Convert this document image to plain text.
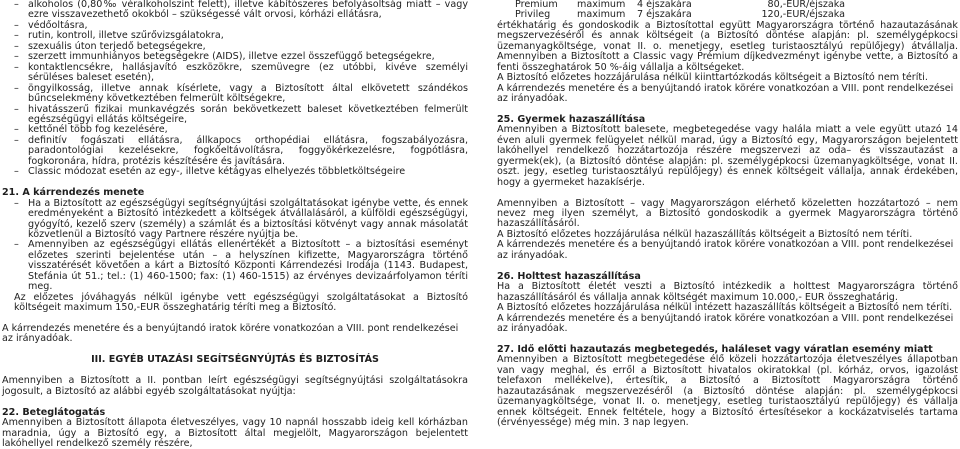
– alkoholos (0,80‰ véralkoholszint felett), illetve kábítószeres befolyásoltság miatt – vagy ezre visszavezethető okokból – szükségessé vált orvosi, kórházi ellátásra,

– védőoltásra,

– rutin, kontroll, illetve szűrővizsgálatokra,

– szexuális úton terjedő betegségekre,

– szerzett immunhiányos betegségekre (AIDS), illetve ezzel összefüggő betegségekre,

– kontaktlencsékre, hallásjavító eszközökre, szemüvegre (ez utóbbi, kivéve személyi sérüléses baleset esetén),

– öngyilkosság, illetve annak kísérlete, vagy a Biztosított által elkövetett szándékos bűncselekmény következtében felmerült költségekre,

– hivatásszerű fizikai munkavégzés során bekövetkezett baleset következtében felmerült egészségügyi ellátás költségeire,

– kettőnél több fog kezelésére,

– definitív fogászati ellátásra, állkapocs orthopédiai ellátásra, fogszabályozásra, paradontológiai kezelésekre, fogkőeltávolításra, foggyökérkezelésre, fogpótlásra, fogkoronára, hídra, protézis készítésére és javítására.

– Classic módozat esetén az egy-, illetve kétágyas elhelyezés többletköltségeire

21. A kárrendezés menete

– Ha a Biztosított az egészségügyi segítségnyújtási szolgáltatásokat igénybe vette, és ennek eredményeként a Biztosító intézkedett a költségek átvállalásáról, a külföldi egészségügyi, gyógyító, kezelő szerv (személy) a számlát és a biztosítási kötvényt vagy annak másolatát közvetlenül a Biztosító vagy Partnere részére nyújtja be.

– Amennyiben az egészségügyi ellátás ellenértékét a Biztosított – a biztosítási eseményt előzetes szerinti bejelentése után – a helyszínen kifizette, Magyarországra történő visszatérését követően a kárt a Biztosító Központi Kárrendezési Irodája (1143. Budapest, Stefánia út 51.; tel.: (1) 460-1500; fax: (1) 460-1515) az érvényes devizaárfolyamon téríti meg.

Az előzetes jóváhagyás nélkül igénybe vett egészségügyi szolgáltatásokat a Biztosító költségeit maximum 150,-EUR összeghatárig téríti meg a Biztosító.

A kárrendezés menetére és a benyújtandó iratok körére vonatkozóan a VIII. pont rendelkezései az irányadóak.

III. EGYÉB UTAZÁSI SEGÍTSÉGNYÚJTÁS ÉS BIZTOSÍTÁS

Amennyiben a Biztosított a II. pontban leírt egészségügyi segítségnyújtási szolgáltatásokra jogosult, a Biztosító az alábbi egyéb szolgáltatásokat nyújtja:

22. Beteglátogatás

Amennyiben a Biztosított állapota életveszélyes, vagy 10 napnál hosszabb ideig kell kórházban maradnia, úgy a Biztosító egy, a Biztosított által megjelölt, Magyarországon bejelentett lakóhellyel rendelkező személy részére,

Premium	maximum	4 éjszakára	80,-EUR/éjszaka
Privileg	maximum	7 éjszakára	120,-EUR/éjszaka

értékhatárig és gondoskodik a Biztosítottal együtt Magyarországra történő hazautazásának megszervezéséről és annak költségeit (a Biztosító döntése alapján: pl. személygépkocsi üzemanyagköltsége, vonat II. o. menetjegy, esetleg turistaosztályú repülőjegy) átvállalja. Amennyiben a Biztosított a Classic vagy Prémium díjkedvezményt igénybe vette, a Biztosító a fenti összeghatárok 50 %-áig vállalja a költségeket.

A Biztosító előzetes hozzájárulása nélkül kiinttartózkodás költségeit a Biztosító nem téríti.

A kárrendezés menetére és a benyújtandó iratok körére vonatkozóan a VIII. pont rendelkezései az irányadóak.

25. Gyermek hazaszállítása

Amennyiben a Biztosított balesete, megbetegedése vagy halála miatt a vele együtt utazó 14 éven aluli gyermek felügyelet nélkül marad, úgy a Biztosító egy, Magyarországon bejelentett lakóhellyel rendelkező hozzátartozója részére megszervezi az oda– és visszautazást a gyermek(ek), (a Biztosító döntése alapján: pl. személygépkocsi üzemanyagköltsége, vonat II. oszt. jegy, esetleg turistaosztályú repülőjegy) és ennek költségeit vállalja, annak érdekében, hogy a gyermeket hazakísérje.

Amennyiben a Biztosított – vagy Magyarországon elérhető közeletten hozzátartozó – nem nevez meg ilyen személyt, a Biztosító gondoskodik a gyermek Magyarországra történő hazaszállításáról.

A Biztosító előzetes hozzájárulása nélkül hazaszállítás költségeit a Biztosító nem téríti.

A kárrendezés menetére és a benyújtandó iratok körére vonatkozóan a VIII. pont rendelkezései az irányadóak.

26. Holttest hazaszállítása

Ha a Biztosított életét veszti a Biztosító intézkedik a holttest Magyarországra történő hazaszállításáról és vállalja annak költségét maximum 10.000,- EUR összeghatárig.

A Biztosító előzetes hozzájárulása nélkül intézett hazaszállítás költségeit a Biztosító nem téríti.

A kárrendezés menetére és a benyújtandó iratok körére vonatkozóan a VIII. pont rendelkezései az irányadóak.

27. Idő előtti hazautazás megbetegedés, haláleset vagy váratlan esemény miatt

Amennyiben a Biztosított megbetegedése élő közeli hozzátartozója életveszélyes állapotban van vagy meghal, és erről a Biztosított hivatalos okiratokkal (pl. kórház, orvos, igazolást telefaxon mellékelve), értesítik, a Biztosító a Biztosított Magyarországra történő hazautazásának megszervezéséről (a Biztosító döntése alapján: pl. személygépkocsi üzemanyagköltsége, vonat II. o. menetjegy, esetleg turistaosztályú repülőjegy) és vállalja ennek költségeit. Ennek feltétele, hogy a Biztosító értesítésekor a kockázatviselés tartama (érvényessége) még min. 3 nap legyen.
